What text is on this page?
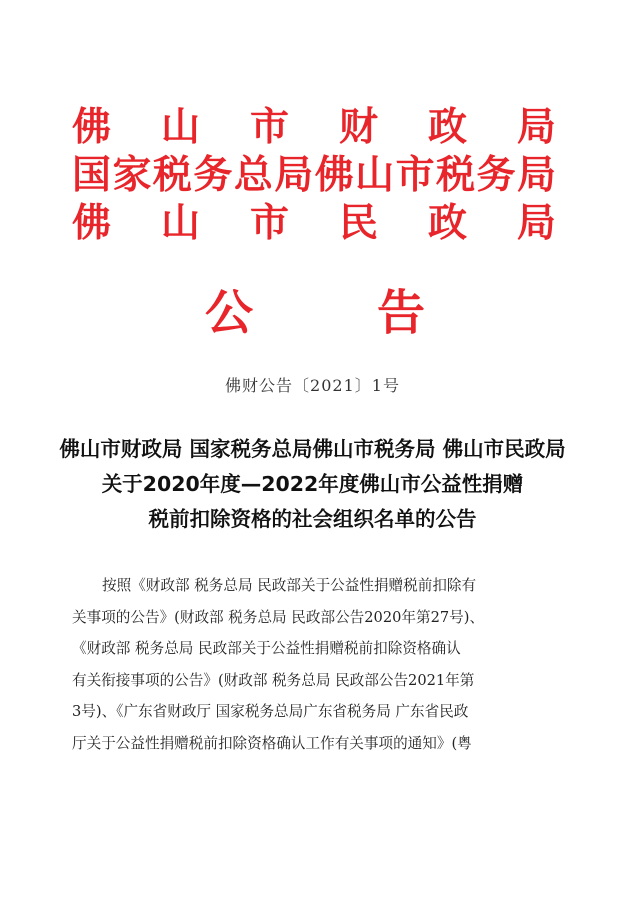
佛 山 市 财 政 局
国 家 税 务 总 局 佛 山 市 税 务 局
佛 山 市 民 政 局
公	告
佛财公告〔2021〕1号
佛山市财政局 国家税务总局佛山市税务局 佛山市民政局
关于2020年度—2022年度佛山市公益性捐赠
税前扣除资格的社会组织名单的公告
按照《财政部 税务总局 民政部关于公益性捐赠税前扣除有
关事项的公告》(财政部 税务总局 民政部公告2020年第27号)、
《财政部 税务总局 民政部关于公益性捐赠税前扣除资格确认
有关衔接事项的公告》(财政部 税务总局 民政部公告2021年第
3号)、《广东省财政厅 国家税务总局广东省税务局 广东省民政
厅关于公益性捐赠税前扣除资格确认工作有关事项的通知》(粤
